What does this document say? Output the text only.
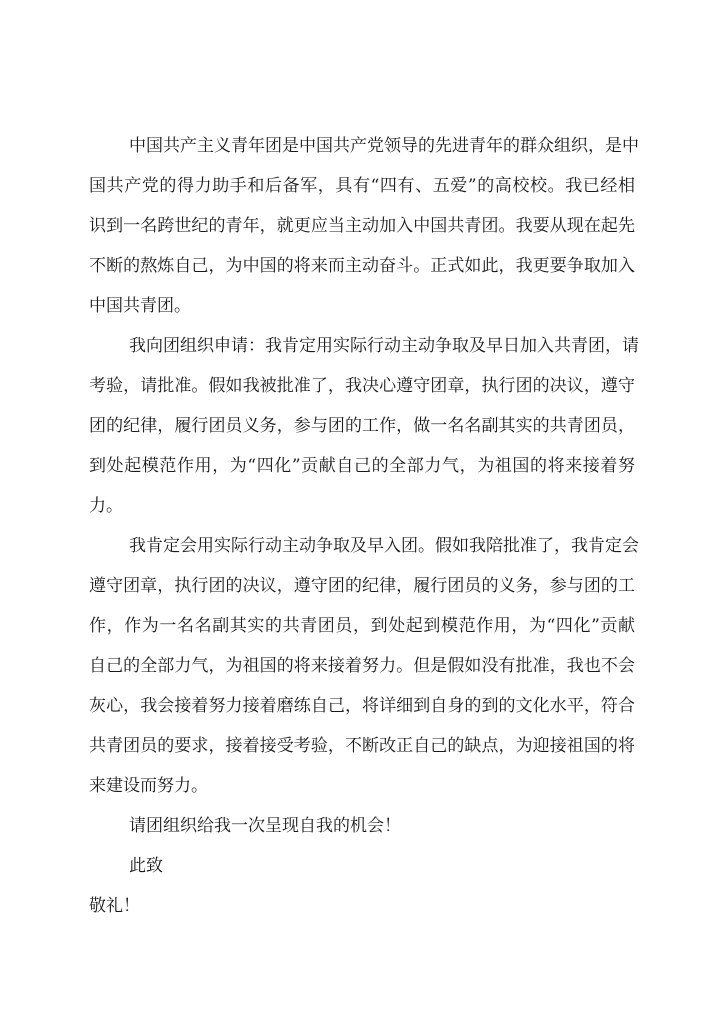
中国共产主义青年团是中国共产党领导的先进青年的群众组织，是中
国共产党的得力助手和后备军，具有“四有、五爱”的高校校。我已经相
识到一名跨世纪的青年，就更应当主动加入中国共青团。我要从现在起先
不断的熬炼自己，为中国的将来而主动奋斗。正式如此，我更要争取加入
中国共青团。
我向团组织申请：我肯定用实际行动主动争取及早日加入共青团，请
考验，请批准。假如我被批准了，我决心遵守团章，执行团的决议，遵守
团的纪律，履行团员义务，参与团的工作，做一名名副其实的共青团员，
到处起模范作用，为“四化”贡献自己的全部力气，为祖国的将来接着努
力。
我肯定会用实际行动主动争取及早入团。假如我陪批准了，我肯定会
遵守团章，执行团的决议，遵守团的纪律，履行团员的义务，参与团的工
作，作为一名名副其实的共青团员，到处起到模范作用，为“四化”贡献
自己的全部力气，为祖国的将来接着努力。但是假如没有批准，我也不会
灰心，我会接着努力接着磨练自己，将详细到自身的到的文化水平，符合
共青团员的要求，接着接受考验，不断改正自己的缺点，为迎接祖国的将
来建设而努力。
请团组织给我一次呈现自我的机会！
此致
敬礼！
